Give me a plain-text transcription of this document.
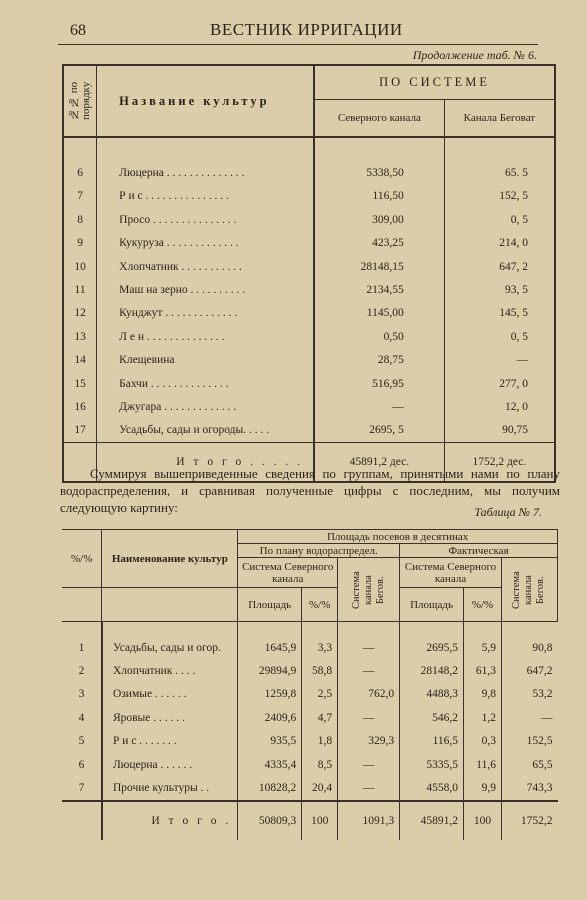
68	ВЕСТНИК ИРРИГАЦИИ
Продолжение таб. № 6.
№№ по порядку	Название культур	ПО СИСТЕМЕ	
		Северного канала	Канала Беговат

6	Люцерна . . . . . . . . . . . . . .	5338,50	65. 5
7	Р и с . . . . . . . . . . . . . . .	116,50	152, 5
8	Просо . . . . . . . . . . . . . . .	309,00	0, 5
9	Кукуруза . . . . . . . . . . . . .	423,25	214, 0
10	Хлопчатник . . . . . . . . . . .	28148,15	647, 2
11	Маш на зерно . . . . . . . . . .	2134,55	93, 5
12	Кунджут . . . . . . . . . . . . .	1145,00	145, 5
13	Л е н . . . . . . . . . . . . . .	0,50	0, 5
14	Клещевина	28,75	—
15	Бахчи . . . . . . . . . . . . . .	516,95	277, 0
16	Джугара . . . . . . . . . . . . .	—	12, 0
17	Усадьбы, сады и огороды. . . . .	2695, 5	90,75
	И т о г о . . . . .	45891,2 дес.	1752,2 дес.

Суммируя вышеприведенные сведения по группам, принятыми нами по плану водораспределения, и сравнивая полученные цифры с последним, мы получим следующую картину:	Таблица № 7.
%/%	Наименование культур	Площадь посевов в десятинах					
		По плану водораспредел.			Фактическая		
		Система Северного канала		Система канала Бегов.	Система Северного канала		Система канала Бегов.

		Площадь	%/%		Площадь	%/%	

1	Усадьбы, сады и огор.	1645,9	3,3	—	2695,5	5,9	90,8
2	Хлопчатник . . . .	29894,9	58,8	—	28148,2	61,3	647,2
3	Озимые . . . . . .	1259,8	2,5	762,0	4488,3	9,8	53,2
4	Яровые . . . . . .	2409,6	4,7	—	546,2	1,2	—
5	Р и с . . . . . . .	935,5	1,8	329,3	116,5	0,3	152,5
6	Люцерна . . . . . .	4335,4	8,5	—	5335,5	11,6	65,5
7	Прочие культуры . .	10828,2	20,4	—	4558,0	9,9	743,3
	И т о г о .	50809,3	100	1091,3	45891,2	100	1752,2
